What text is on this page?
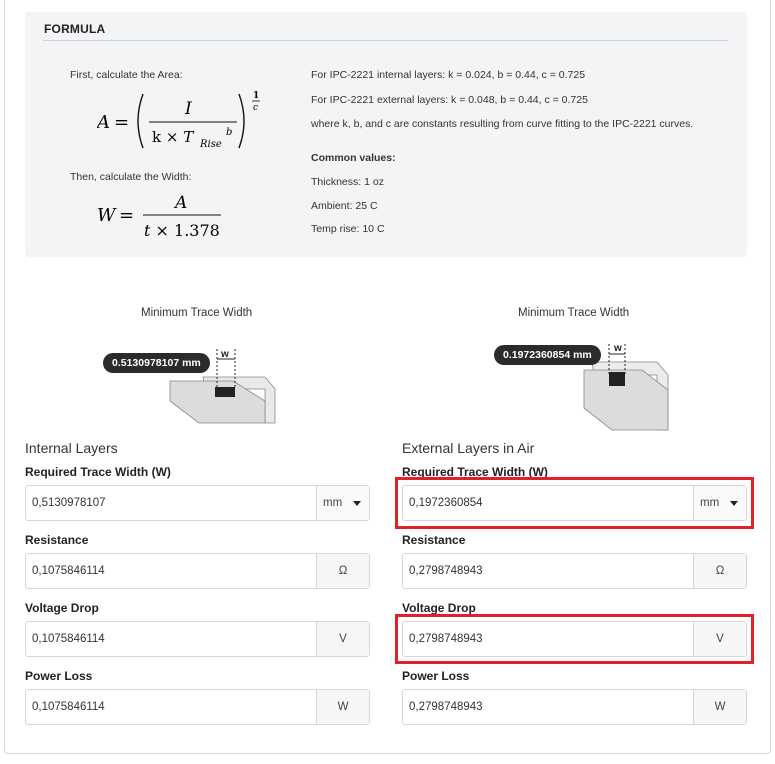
FORMULA
First, calculate the Area:
A =
I
k × T Rise
b
1
c
Then, calculate the Width:
W =
A
t × 1.378
For IPC-2221 internal layers: k = 0.024, b = 0.44, c = 0.725
For IPC-2221 external layers: k = 0.048, b = 0.44, c = 0.725
where k, b, and c are constants resulting from curve fitting to the IPC-2221 curves.
Common values:
Thickness: 1 oz
Ambient: 25 C
Temp rise: 10 C
Minimum Trace Width
w
0.5130978107 mm
Minimum Trace Width
w
0.1972360854 mm
Internal Layers
Required Trace Width (W)
0,5130978107	mm
Resistance
0,1075846114	Ω
Voltage Drop
0,1075846114	V
Power Loss
0,1075846114	W
External Layers in Air
Required Trace Width (W)
0,1972360854	mm
Resistance
0,2798748943	Ω
Voltage Drop
0,2798748943	V
Power Loss
0,2798748943	W
